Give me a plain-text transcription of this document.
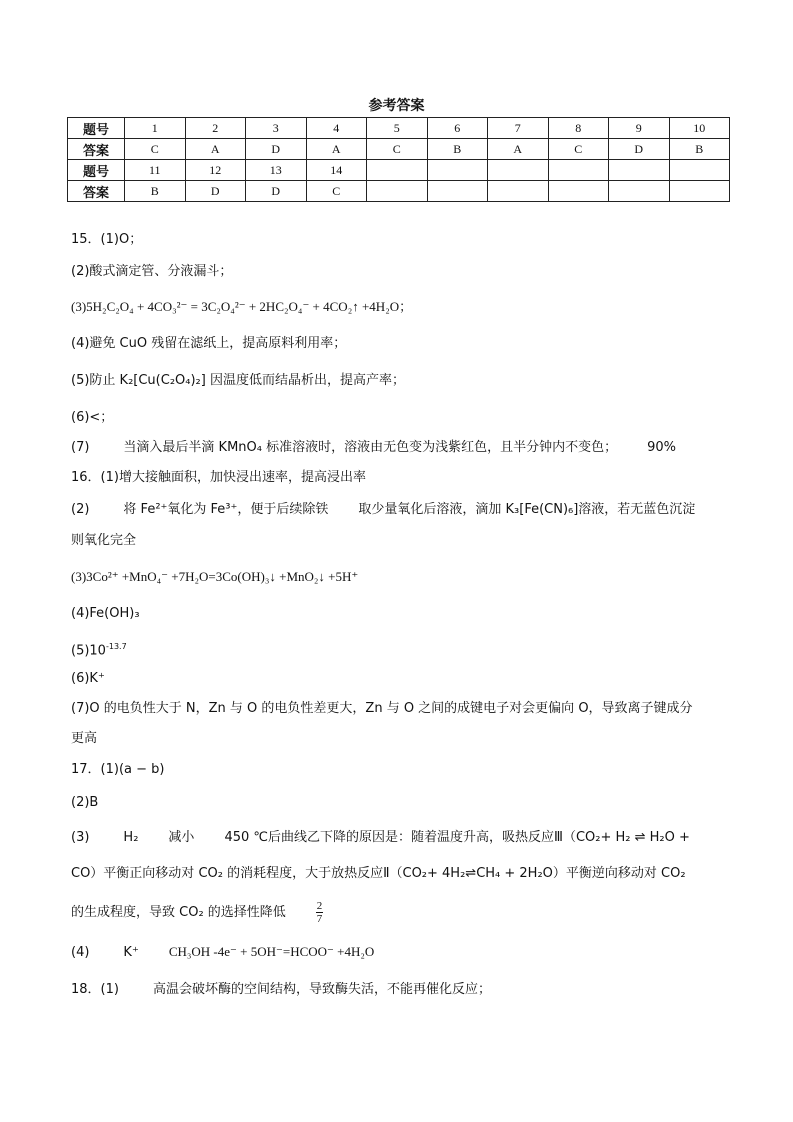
参考答案
题号	1	2	3	4	5	6	7	8	9	10
答案	C	A	D	A	C	B	A	C	D	B
题号	11	12	13	14						
答案	B	D	D	C						
15．(1)O；
(2)酸式滴定管、分液漏斗；
(3)5H₂C₂O₄ + 4CO₃²⁻ = 3C₂O₄²⁻ + 2HC₂O₄⁻ + 4CO₂↑ +4H₂O；
(4)避免 CuO 残留在滤纸上，提高原料利用率；
(5)防止 K₂[Cu(C₂O₄)₂] 因温度低而结晶析出，提高产率；
(6)<；
(7)	当滴入最后半滴 KMnO₄ 标准溶液时，溶液由无色变为浅紫红色，且半分钟内不变色； 90%
16．(1)增大接触面积，加快浸出速率，提高浸出率
(2)	将 Fe²⁺氧化为 Fe³⁺，便于后续除铁 取少量氧化后溶液，滴加 K₃[Fe(CN)₆]溶液，若无蓝色沉淀
则氧化完全
(3)3Co²⁺ +MnO₄⁻ +7H₂O=3Co(OH)₃↓ +MnO₂↓ +5H⁺
(4)Fe(OH)₃
$(5)10^{-13.7}$
(6)K⁺
(7)O 的电负性大于 N，Zn 与 O 的电负性差更大，Zn 与 O 之间的成键电子对会更偏向 O，导致离子键成分
更高
17．(1)(a − b)
(2)B
(3)	H₂ 减小 450 ℃后曲线乙下降的原因是：随着温度升高，吸热反应Ⅲ（CO₂+ H₂ ⇌ H₂O +
CO）平衡正向移动对 CO₂ 的消耗程度，大于放热反应Ⅱ（CO₂+ 4H₂⇌CH₄ + 2H₂O）平衡逆向移动对 CO₂
的生成程度，导致 CO₂ 的选择性降低	$\frac{2}{7}$
(4)	K⁺ CH₃OH -4e⁻ + 5OH⁻=HCOO⁻ +4H₂O
18．(1)	高温会破坏酶的空间结构，导致酶失活，不能再催化反应；
